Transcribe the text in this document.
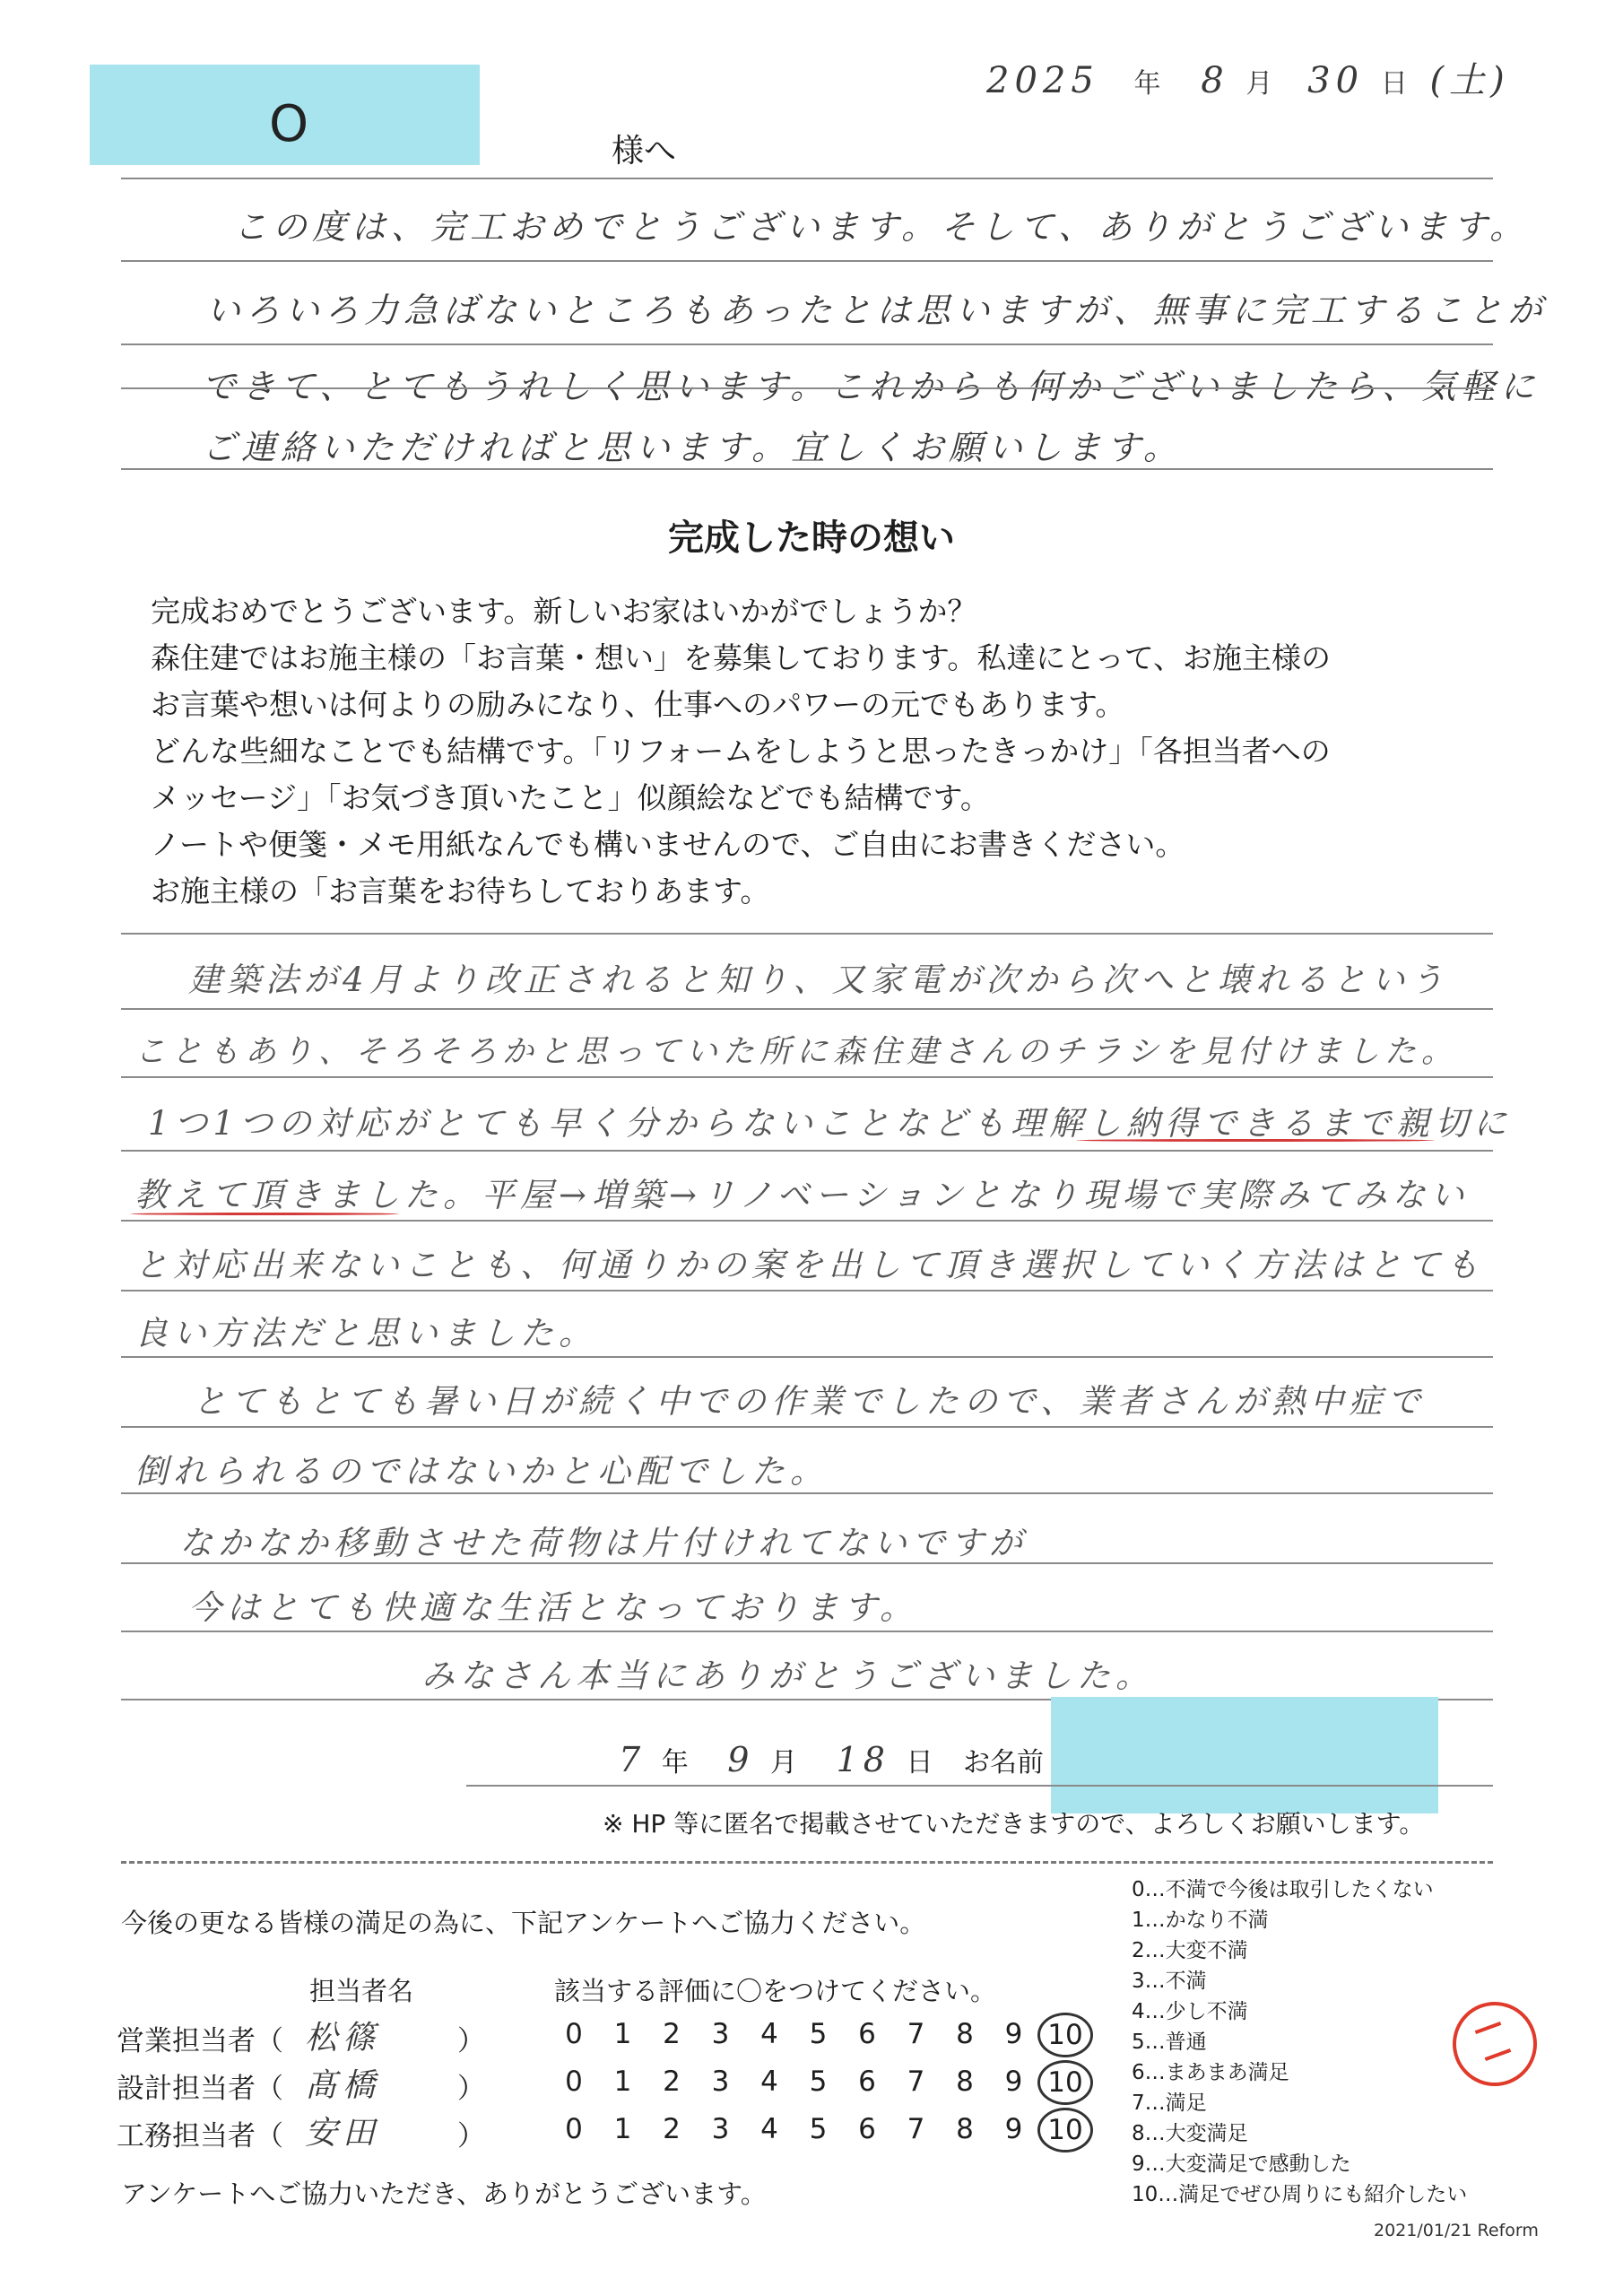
2025 年 8 月 30 日 (土)
O	様へ
この度は、完工おめでとうございます。そして、ありがとうございます。
いろいろ力急ばないところもあったとは思いますが、無事に完工することが
できて、とてもうれしく思います。これからも何かございましたら、気軽に
ご連絡いただければと思います。宜しくお願いします。
完成した時の想い
完成おめでとうございます。新しいお家はいかがでしょうか？
森住建ではお施主様の「お言葉・想い」を募集しております。私達にとって、お施主様の
お言葉や想いは何よりの励みになり、仕事へのパワーの元でもあります。
どんな些細なことでも結構です。「リフォームをしようと思ったきっかけ」「各担当者への
メッセージ」「お気づき頂いたこと」似顔絵などでも結構です。
ノートや便箋・メモ用紙なんでも構いませんので、ご自由にお書きください。
お施主様の「お言葉をお待ちしておりあます。
建築法が4月より改正されると知り、又家電が次から次へと壊れるという
こともあり、そろそろかと思っていた所に森住建さんのチラシを見付けました。
1つ1つの対応がとても早く分からないことなども理解し納得できるまで親切に
教えて頂きました。平屋→増築→リノベーションとなり現場で実際みてみない
と対応出来ないことも、何通りかの案を出して頂き選択していく方法はとても
良い方法だと思いました。
とてもとても暑い日が続く中での作業でしたので、業者さんが熱中症で
倒れられるのではないかと心配でした。
なかなか移動させた荷物は片付けれてないですが
今はとても快適な生活となっております。
みなさん本当にありがとうございました。
7 年 9 月 18 日 お名前
※ HP 等に匿名で掲載させていただきますので、よろしくお願いします。
今後の更なる皆様の満足の為に、下記アンケートへご協力ください。
担当者名	該当する評価に〇をつけてください。
営業担当者（ 松篠	）	0	1	2	3	4	5	6	7	8	9 10
設計担当者（ 髙橋	）	0	1	2	3	4	5	6	7	8	9 10
工務担当者（ 安田	）	0	1	2	3	4	5	6	7	8	9 10
アンケートへご協力いただき、ありがとうございます。
0…不満で今後は取引したくない
1…かなり不満
2…大変不満
3…不満
4…少し不満
5…普通
6…まあまあ満足
7…満足
8…大変満足
9…大変満足で感動した
10…満足でぜひ周りにも紹介したい
2021/01/21 Reform
